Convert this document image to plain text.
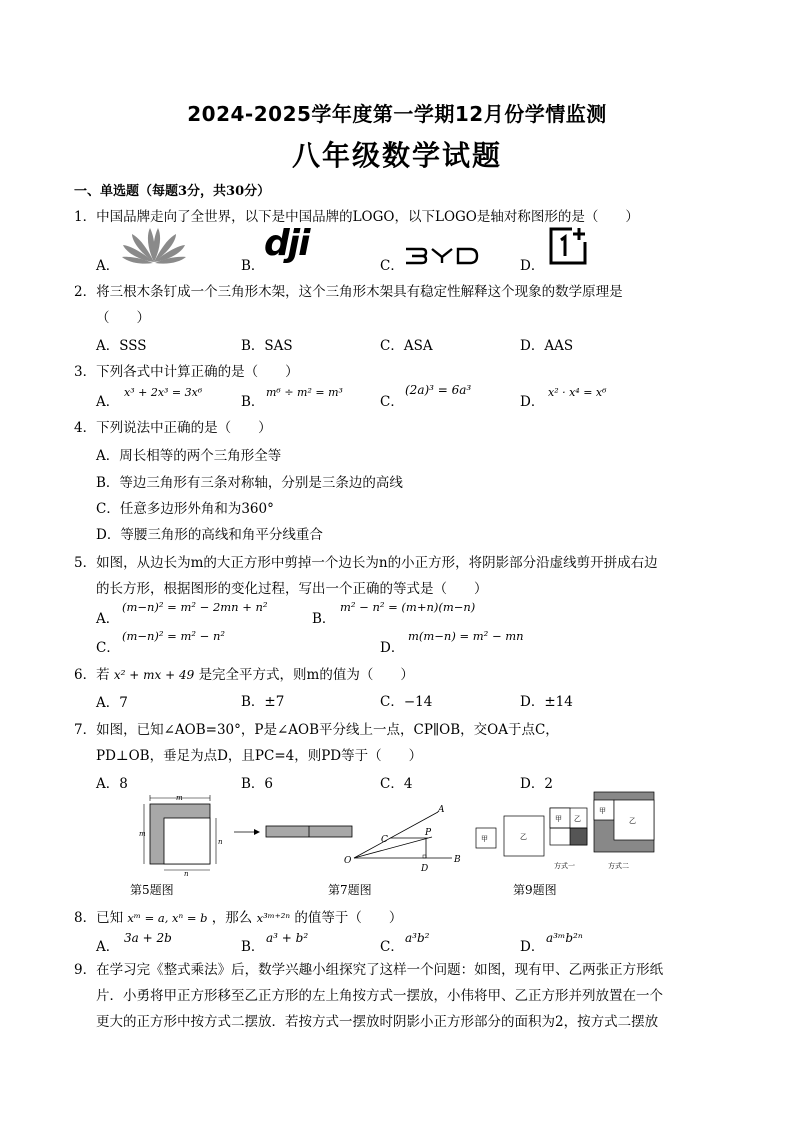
2024-2025学年度第一学期12月份学情监测
八年级数学试题
一、单选题（每题3分，共30分）
1．中国品牌走向了全世界，以下是中国品牌的LOGO，以下LOGO是轴对称图形的是（　　）
A．	B．	C．	D．
dji
2．将三根木条钉成一个三角形木架，这个三角形木架具有稳定性解释这个现象的数学原理是
（　　）
A．SSS	B．SAS	C．ASA	D．AAS
3．下列各式中计算正确的是（　　）
A．
x³ + 2x³ = 3x⁶
B．
m⁶ ÷ m² = m³
C．
(2a)³ = 6a³
D．
x² · x⁴ = x⁶
4．下列说法中正确的是（　　）
A．周长相等的两个三角形全等
B．等边三角形有三条对称轴，分别是三条边的高线
C．任意多边形外角和为360°
D．等腰三角形的高线和角平分线重合
5．如图，从边长为m的大正方形中剪掉一个边长为n的小正方形，将阴影部分沿虚线剪开拼成右边
的长方形，根据图形的变化过程，写出一个正确的等式是（　　）
A．
(m−n)² = m² − 2mn + n²
B．
m² − n² = (m+n)(m−n)
C．
(m−n)² = m² − n²
D．
m(m−n) = m² − mn
6．若 x² + mx + 49 是完全平方式，则m的值为（　　）
A．7	B．±7	C．−14	D．±14
7．如图，已知∠AOB=30°，P是∠AOB平分线上一点，CP∥OB，交OA于点C，
PD⊥OB，垂足为点D，且PC=4，则PD等于（　　）
A．8	B．6	C．4	D．2
m
m
n
n
第5题图
O	B
A
C
P
D
第7题图
甲	乙
甲 乙
甲
乙
方式一	方式二
第9题图
8．已知 xᵐ = a, xⁿ = b ，那么 x³ᵐ⁺²ⁿ 的值等于（　　）
A．
3a + 2b
B．
a³ + b²
C．
a³b²
D．
a³ᵐb²ⁿ
9．在学习完《整式乘法》后，数学兴趣小组探究了这样一个问题：如图，现有甲、乙两张正方形纸
片．小勇将甲正方形移至乙正方形的左上角按方式一摆放，小伟将甲、乙正方形并列放置在一个
更大的正方形中按方式二摆放．若按方式一摆放时阴影小正方形部分的面积为2，按方式二摆放
